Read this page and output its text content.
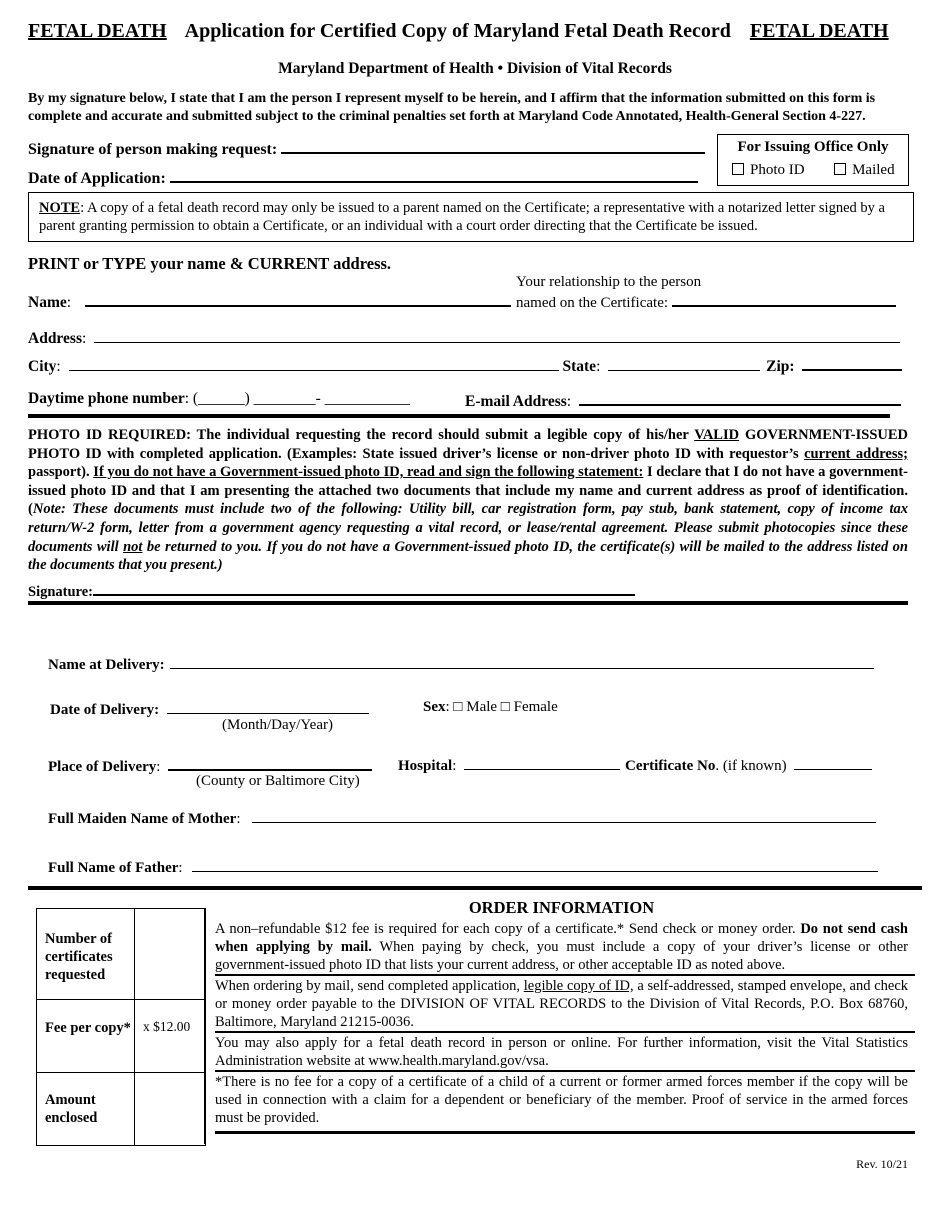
FETAL DEATH Application for Certified Copy of Maryland Fetal Death Record FETAL DEATH
Maryland Department of Health • Division of Vital Records
By my signature below, I state that I am the person I represent myself to be herein, and I affirm that the information submitted on this form is complete and accurate and submitted subject to the criminal penalties set forth at Maryland Code Annotated, Health-General Section 4-227.
Signature of person making request:
Date of Application:
For Issuing Office Only
Photo ID	Mailed
NOTE: A copy of a fetal death record may only be issued to a parent named on the Certificate; a representative with a notarized letter signed by a parent granting permission to obtain a Certificate, or an individual with a court order directing that the Certificate be issued.
PRINT or TYPE your name & CURRENT address.
Your relationship to the person
named on the Certificate:
Name:
Address:
City:	State:	Zip:
Daytime phone number: (______) ________- ___________	E-mail Address:
PHOTO ID REQUIRED: The individual requesting the record should submit a legible copy of his/her VALID GOVERNMENT-ISSUED PHOTO ID with completed application. (Examples: State issued driver’s license or non-driver photo ID with requestor’s current address; passport). If you do not have a Government-issued photo ID, read and sign the following statement: I declare that I do not have a government-issued photo ID and that I am presenting the attached two documents that include my name and current address as proof of identification. (Note: These documents must include two of the following: Utility bill, car registration form, pay stub, bank statement, copy of income tax return/W-2 form, letter from a government agency requesting a vital record, or lease/rental agreement. Please submit photocopies since these documents will not be returned to you. If you do not have a Government-issued photo ID, the certificate(s) will be mailed to the address listed on the documents that you present.)
Signature:
Name at Delivery:
Date of Delivery:
(Month/Day/Year)
Sex: □ Male □ Female
Place of Delivery:
(County or Baltimore City)
Hospital:	Certificate No. (if known)
Full Maiden Name of Mother:
Full Name of Father:
Number of certificates requested
Fee per copy* x $12.00
Amount enclosed
ORDER INFORMATION
A non–refundable $12 fee is required for each copy of a certificate.* Send check or money order. Do not send cash when applying by mail. When paying by check, you must include a copy of your driver’s license or other government-issued photo ID that lists your current address, or other acceptable ID as noted above.
When ordering by mail, send completed application, legible copy of ID, a self-addressed, stamped envelope, and check or money order payable to the DIVISION OF VITAL RECORDS to the Division of Vital Records, P.O. Box 68760, Baltimore, Maryland 21215-0036.
You may also apply for a fetal death record in person or online. For further information, visit the Vital Statistics Administration website at www.health.maryland.gov/vsa.
*There is no fee for a copy of a certificate of a child of a current or former armed forces member if the copy will be used in connection with a claim for a dependent or beneficiary of the member. Proof of service in the armed forces must be provided.
Rev. 10/21
